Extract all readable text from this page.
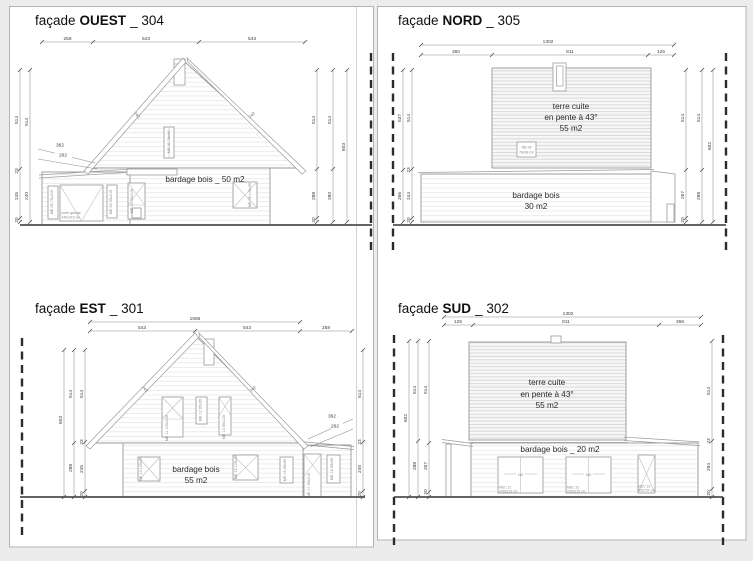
façade OUEST _ 304
258	543	543
514
23
245
20
514
240
514
288
20
514
280
603
ME 05 75x215 porte garage
240x215 cm
ME 04 95x215	ME 03 95x125
ME 02 78x98
ME 06 145x95
742	742
bardage bois _ 50 m2
362
262
façade NORD _ 305
1302
360	811	125
537
266
514
23
244
20
514
267
20
514
288
602
terre cuite
en pente à 43°
55 m2
ME 09
78x98 cm
bardage bois
30 m2
façade EST _ 301
1086
543	543	258
603
514
288
514
23
245
20
514
23
245
20
ME 11 125x145
ME 12 65x95
ME 13 65x125
ME 14 125x95	ME 15 125x95	ME 16 65x95
ME 17 95x215
ME 18 65x95
742	742
bardage bois
55 m2
362
262
façade SUD _ 302	1302
125	811	366
602
514
288
514
267
20
514
23
294
20
terre cuite
en pente à 43°
55 m2
bardage bois _ 20 m2
240
MEC 21
240x215 cm
240
MEC 22
240x215 cm
MEC 23
95x215 cm
